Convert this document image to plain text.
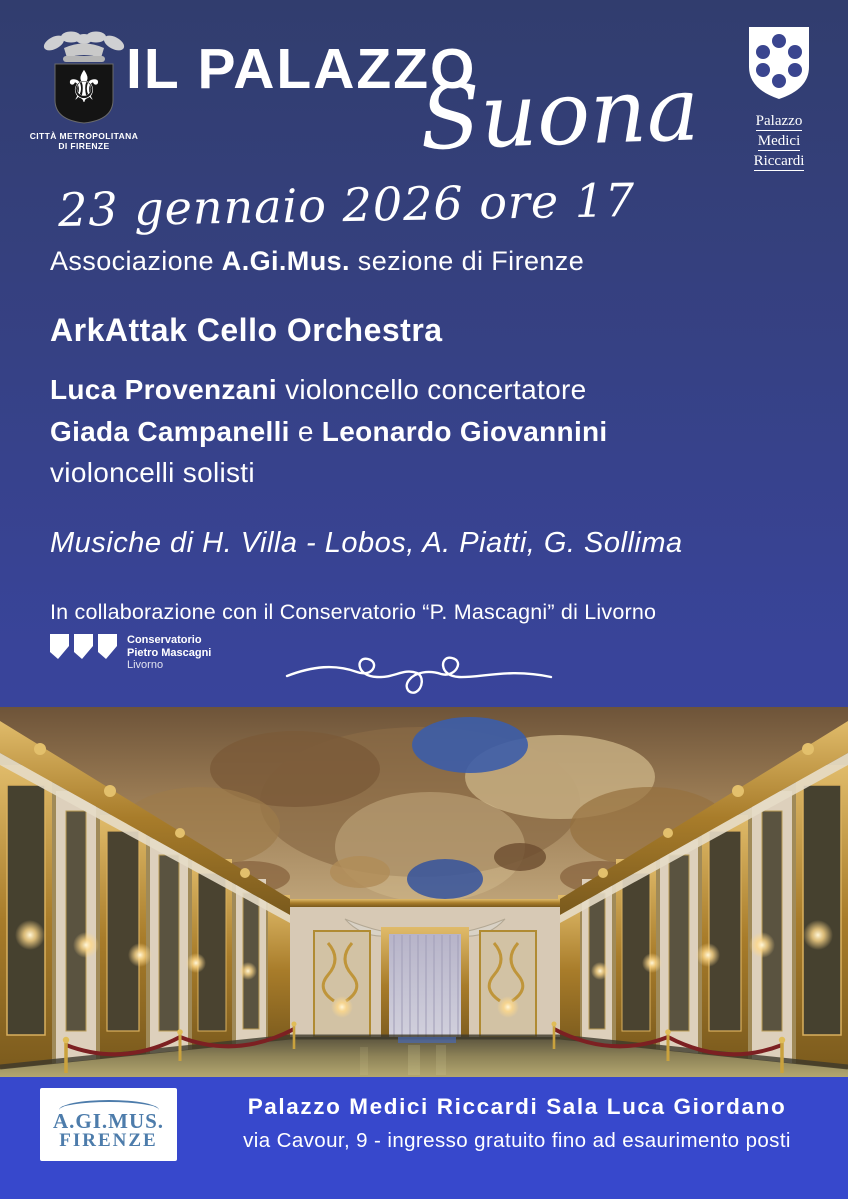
⚜
CITTÀ METROPOLITANA
DI FIRENZE
IL PALAZZO
Suona	Palazzo
Medici
Riccardi
23 gennaio 2026 ore 17
Associazione A.Gi.Mus. sezione di Firenze
ArkAttak Cello Orchestra
Luca Provenzani violoncello concertatore
Giada Campanelli e Leonardo Giovannini
violoncelli solisti
Musiche di H. Villa - Lobos, A. Piatti, G. Sollima
In collaborazione con il Conservatorio “P. Mascagni” di Livorno
Conservatorio
Pietro Mascagni
Livorno
A.GI.MUS.
FIRENZE
Palazzo Medici Riccardi Sala Luca Giordano
via Cavour, 9 - ingresso gratuito fino ad esaurimento posti
